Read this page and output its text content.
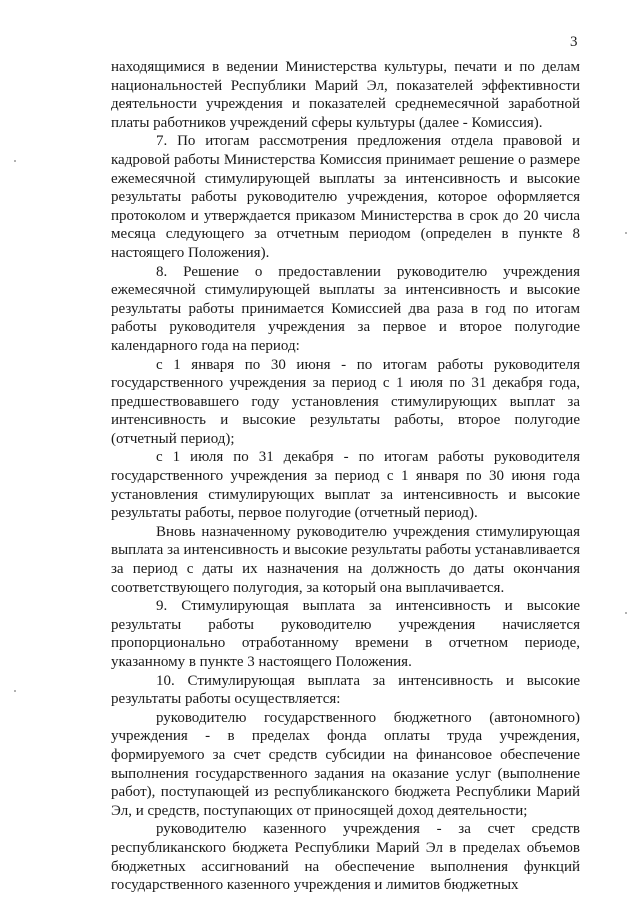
3

находящимися в ведении Министерства культуры, печати и по делам национальностей Республики Марий Эл, показателей эффективности деятельности учреждения и показателей среднемесячной заработной платы работников учреждений сферы культуры (далее - Комиссия).

7. По итогам рассмотрения предложения отдела правовой и кадровой работы Министерства Комиссия принимает решение о размере ежемесячной стимулирующей выплаты за интенсивность и высокие результаты работы руководителю учреждения, которое оформляется протоколом и утверждается приказом Министерства в срок до 20 числа месяца следующего за отчетным периодом (определен в пункте 8 настоящего Положения).

8. Решение о предоставлении руководителю учреждения ежемесячной стимулирующей выплаты за интенсивность и высокие результаты работы принимается Комиссией два раза в год по итогам работы руководителя учреждения за первое и второе полугодие календарного года на период:

с 1 января по 30 июня - по итогам работы руководителя государственного учреждения за период с 1 июля по 31 декабря года, предшествовавшего году установления стимулирующих выплат за интенсивность и высокие результаты работы, второе полугодие (отчетный период);

с 1 июля по 31 декабря - по итогам работы руководителя государственного учреждения за период с 1 января по 30 июня года установления стимулирующих выплат за интенсивность и высокие результаты работы, первое полугодие (отчетный период).

Вновь назначенному руководителю учреждения стимулирующая выплата за интенсивность и высокие результаты работы устанавливается за период с даты их назначения на должность до даты окончания соответствующего полугодия, за который она выплачивается.

9. Стимулирующая выплата за интенсивность и высокие результаты работы руководителю учреждения начисляется пропорционально отработанному времени в отчетном периоде, указанному в пункте 3 настоящего Положения.

10. Стимулирующая выплата за интенсивность и высокие результаты работы осуществляется:

руководителю государственного бюджетного (автономного) учреждения - в пределах фонда оплаты труда учреждения, формируемого за счет средств субсидии на финансовое обеспечение выполнения государственного задания на оказание услуг (выполнение работ), поступающей из республиканского бюджета Республики Марий Эл, и средств, поступающих от приносящей доход деятельности;

руководителю казенного учреждения - за счет средств республиканского бюджета Республики Марий Эл в пределах объемов бюджетных ассигнований на обеспечение выполнения функций государственного казенного учреждения и лимитов бюджетных
